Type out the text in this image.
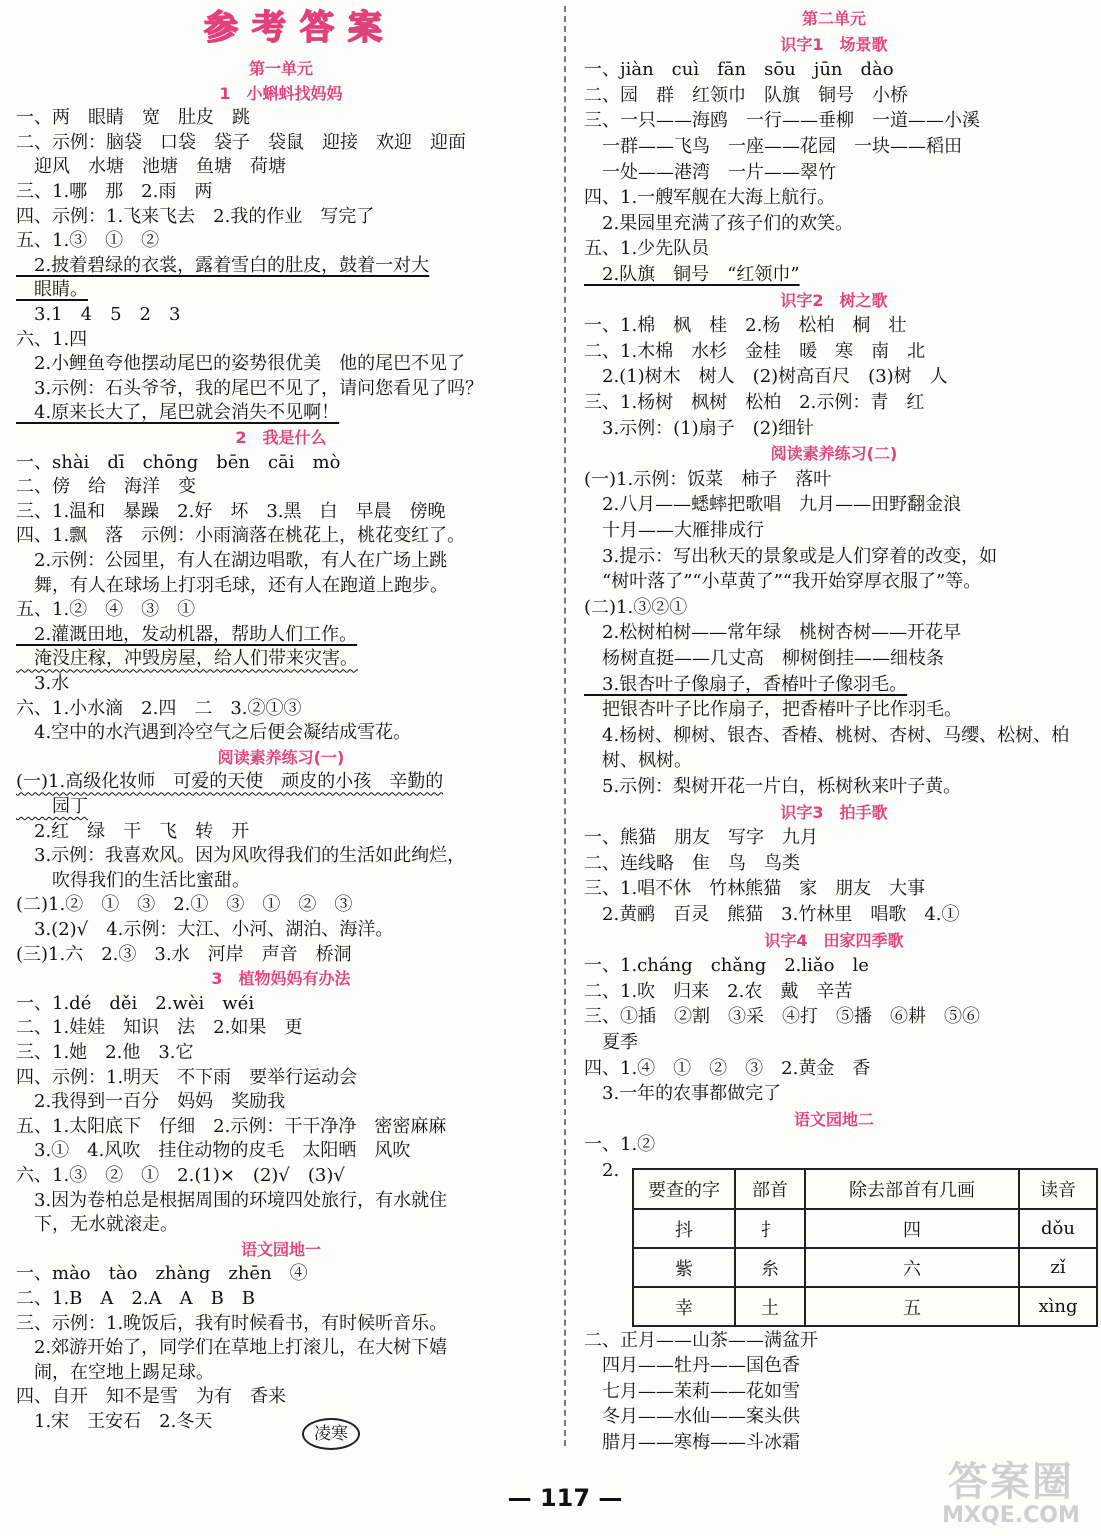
参考答案
第一单元
1　小蝌蚪找妈妈
一、两　眼睛　宽　肚皮　跳
二、示例：脑袋　口袋　袋子　袋鼠　迎接　欢迎　迎面
　迎风　水塘　池塘　鱼塘　荷塘
三、1.哪　那　2.雨　两
四、示例：1.飞来飞去　2.我的作业　写完了
五、1.③　①　②
　2.披着碧绿的衣裳，露着雪白的肚皮，鼓着一对大
　眼睛。
　3.1　4　5　2　3
六、1.四
　2.小鲤鱼夸他摆动尾巴的姿势很优美　他的尾巴不见了
　3.示例：石头爷爷，我的尾巴不见了，请问您看见了吗？
　4.原来长大了，尾巴就会消失不见啊！
2　我是什么
一、shài　dī　chōng　bēn　cāi　mò
二、傍　给　海洋　变
三、1.温和　暴躁　2.好　坏　3.黑　白　早晨　傍晚
四、1.飘　落　示例：小雨滴落在桃花上，桃花变红了。
　2.示例：公园里，有人在湖边唱歌，有人在广场上跳
　舞，有人在球场上打羽毛球，还有人在跑道上跑步。
五、1.②　④　③　①
　2.灌溉田地，发动机器，帮助人们工作。
　淹没庄稼，冲毁房屋，给人们带来灾害。
　3.水
六、1.小水滴　2.四　二　3.②①③
　4.空中的水汽遇到冷空气之后便会凝结成雪花。
阅读素养练习(一)
(一)1.高级化妆师　可爱的天使　顽皮的小孩　辛勤的
　　园丁
　2.红　绿　干　飞　转　开
　3.示例：我喜欢风。因为风吹得我们的生活如此绚烂，
　　吹得我们的生活比蜜甜。
(二)1.②　①　③　2.①　③　①　②　③
　3.(2)√　4.示例：大江、小河、湖泊、海洋。
(三)1.六　2.③　3.水　河岸　声音　桥洞
3　植物妈妈有办法
一、1.dé　děi　2.wèi　wéi
二、1.娃娃　知识　法　2.如果　更
三、1.她　2.他　3.它
四、示例：1.明天　不下雨　要举行运动会
　2.我得到一百分　妈妈　奖励我
五、1.太阳底下　仔细　2.示例：干干净净　密密麻麻
　3.①　4.风吹　挂住动物的皮毛　太阳晒　风吹
六、1.③　②　①　2.(1)×　(2)√　(3)√
　3.因为卷柏总是根据周围的环境四处旅行，有水就住
　下，无水就滚走。
语文园地一
一、mào　tào　zhàng　zhēn　④
二、1.B　A　2.A　A　B　B
三、示例：1.晚饭后，我有时候看书，有时候听音乐。
　2.郊游开始了，同学们在草地上打滚儿，在大树下嬉
　闹，在空地上踢足球。
四、自开　知不是雪　为有　香来
　1.宋　王安石　2.冬天
凌寒
第二单元
识字1　场景歌
一、jiàn　cuì　fān　sōu　jūn　dào
二、园　群　红领巾　队旗　铜号　小桥
三、一只——海鸥　一行——垂柳　一道——小溪
　一群——飞鸟　一座——花园　一块——稻田
　一处——港湾　一片——翠竹
四、1.一艘军舰在大海上航行。
　2.果园里充满了孩子们的欢笑。
五、1.少先队员
　2.队旗　铜号　“红领巾”
识字2　树之歌
一、1.棉　枫　桂　2.杨　松柏　桐　壮
二、1.木棉　水杉　金桂　暖　寒　南　北
　2.(1)树木　树人　(2)树高百尺　(3)树　人
三、1.杨树　枫树　松柏　2.示例：青　红
　3.示例：(1)扇子　(2)细针
阅读素养练习(二)
(一)1.示例：饭菜　柿子　落叶
　2.八月——蟋蟀把歌唱　九月——田野翻金浪
　十月——大雁排成行
　3.提示：写出秋天的景象或是人们穿着的改变，如
　“树叶落了”“小草黄了”“我开始穿厚衣服了”等。
(二)1.③②①
　2.松树柏树——常年绿　桃树杏树——开花早
　杨树直挺——几丈高　柳树倒挂——细枝条
　3.银杏叶子像扇子，香椿叶子像羽毛。
　把银杏叶子比作扇子，把香椿叶子比作羽毛。
　4.杨树、柳树、银杏、香椿、桃树、杏树、马缨、松树、柏
　树、枫树。
　5.示例：梨树开花一片白，栎树秋来叶子黄。
识字3　拍手歌
一、熊猫　朋友　写字　九月
二、连线略　隹　鸟　鸟类
三、1.唱不休　竹林熊猫　家　朋友　大事
　2.黄鹂　百灵　熊猫　3.竹林里　唱歌　4.①
识字4　田家四季歌
一、1.cháng　chǎng　2.liǎo　le
二、1.吹　归来　2.农　戴　辛苦
三、①插　②割　③采　④打　⑤播　⑥耕　⑤⑥
　夏季
四、1.④　①　②　③　2.黄金　香
　3.一年的农事都做完了
语文园地二
一、1.②
　2.
二、正月——山茶——满盆开
　四月——牡丹——国色香
　七月——茉莉——花如雪
　冬月——水仙——案头供
　腊月——寒梅——斗冰霜
要查的字	部首	除去部首有几画	读音
抖	扌	四	dǒu
紫	糸	六	zǐ
幸	土	五	xìng
— 117 —	答案圈
MXQE.COM
